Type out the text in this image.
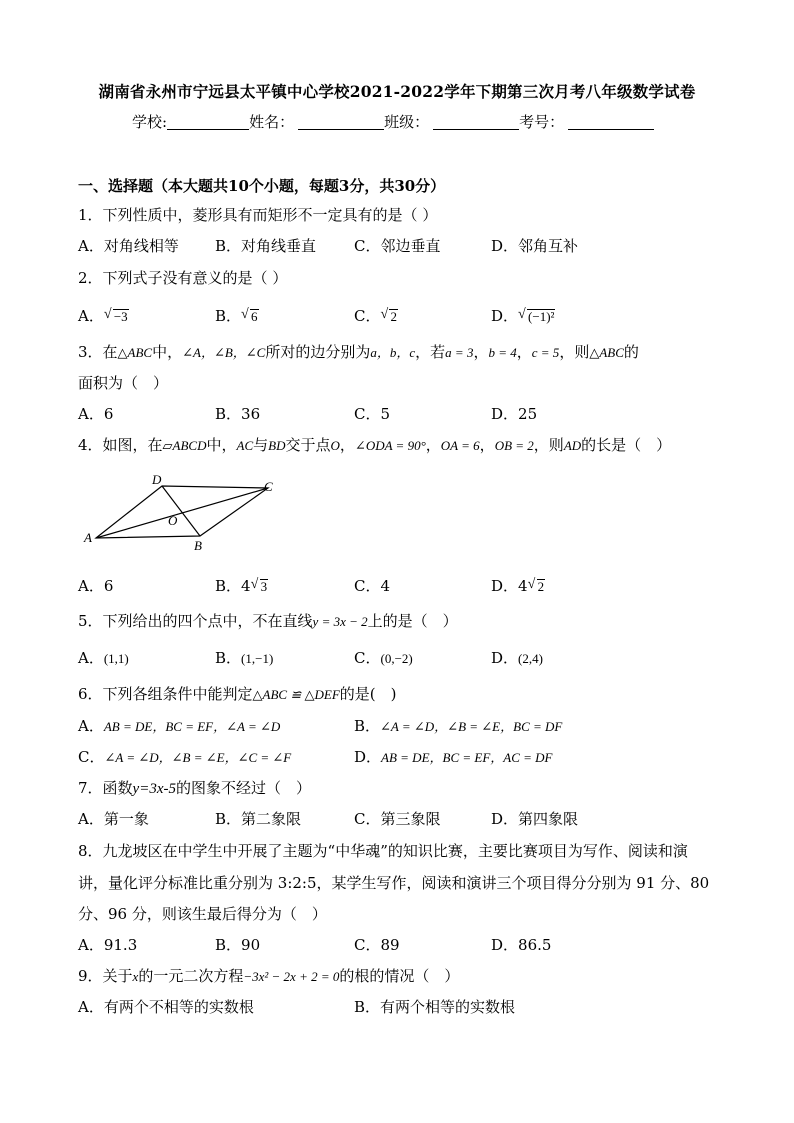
湖南省永州市宁远县太平镇中心学校2021-2022学年下期第三次月考八年级数学试卷
学校:	姓名：	班级：	考号：
一、选择题（本大题共10个小题，每题3分，共30分）
1．下列性质中，菱形具有而矩形不一定具有的是（ ）
A．对角线相等 B．对角线垂直	C．邻边垂直	D．邻角互补
2．下列式子没有意义的是（ ）
A． √ −3	B． √ 6	C． √ 2	D． √ (−1)²
3．在△ABC中，∠A，∠B，∠C所对的边分别为a，b，c，若a = 3，b = 4，c = 5，则△ABC的
面积为（　）
A．6	B．36	C．5	D．25
4．如图，在▱ABCD中，AC与BD交于点O，∠ODA = 90°，OA = 6，OB = 2，则AD的长是（　）
A
B
C
D
O
A．6	B．4 √ 3	C．4	D．4 √ 2
5．下列给出的四个点中，不在直线y = 3x − 2上的是（　）
A．(1,1)	B．(1,−1)	C．(0,−2)	D．(2,4)
6．下列各组条件中能判定△ABC ≌ △DEF的是(　)
A．AB = DE，BC = EF，∠A = ∠D	B．∠A = ∠D，∠B = ∠E，BC = DF
C．∠A = ∠D，∠B = ∠E，∠C = ∠F	D．AB = DE，BC = EF，AC = DF
7．函数y=3x-5的图象不经过（　）
A．第一象	B．第二象限	C．第三象限	D．第四象限
8．九龙坡区在中学生中开展了主题为“中华魂”的知识比赛，主要比赛项目为写作、阅读和演
讲，量化评分标准比重分别为 3:2:5，某学生写作，阅读和演讲三个项目得分分别为 91 分、80
分、96 分，则该生最后得分为（　）
A．91.3	B．90	C．89	D．86.5
9．关于x的一元二次方程−3x² − 2x + 2 = 0的根的情况（　）
A．有两个不相等的实数根	B．有两个相等的实数根
